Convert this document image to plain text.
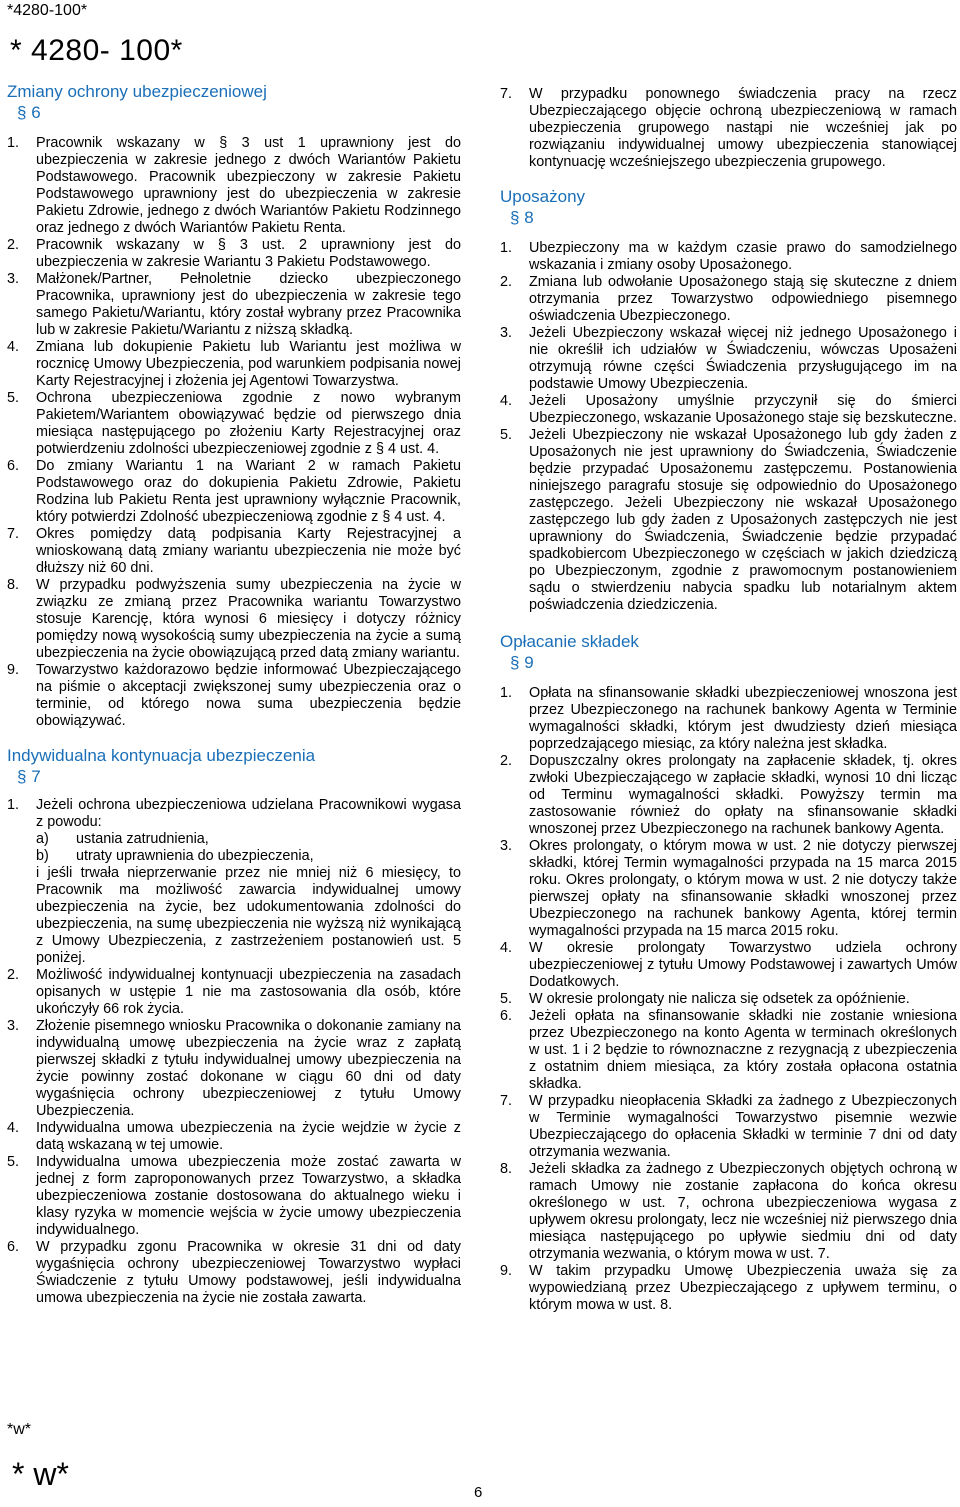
*4280-100*
* 4280- 100*
Zmiany ochrony ubezpieczeniowej
§ 6
1.	Pracownik wskazany w § 3 ust 1 uprawniony jest do ubezpieczenia w zakresie jednego z dwóch Wariantów Pakietu Podstawowego. Pracownik ubezpieczony w zakresie Pakietu Podstawowego uprawniony jest do ubezpieczenia w zakresie Pakietu Zdrowie, jednego z dwóch Wariantów Pakietu Rodzinnego oraz jednego z dwóch Wariantów Pakietu Renta.
2.	Pracownik wskazany w § 3 ust. 2 uprawniony jest do ubezpieczenia w zakresie Wariantu 3 Pakietu Podstawowego.
3.	Małżonek/Partner, Pełnoletnie dziecko ubezpieczonego Pracownika, uprawniony jest do ubezpieczenia w zakresie tego samego Pakietu/Wariantu, który został wybrany przez Pracownika lub w zakresie Pakietu/Wariantu z niższą składką.
4.	Zmiana lub dokupienie Pakietu lub Wariantu jest możliwa w rocznicę Umowy Ubezpieczenia, pod warunkiem podpisania nowej Karty Rejestracyjnej i złożenia jej Agentowi Towarzystwa.
5.	Ochrona ubezpieczeniowa zgodnie z nowo wybranym Pakietem/Wariantem obowiązywać będzie od pierwszego dnia miesiąca następującego po złożeniu Karty Rejestracyjnej oraz potwierdzeniu zdolności ubezpieczeniowej zgodnie z § 4 ust. 4.
6.	Do zmiany Wariantu 1 na Wariant 2 w ramach Pakietu Podstawowego oraz do dokupienia Pakietu Zdrowie, Pakietu Rodzina lub Pakietu Renta jest uprawniony wyłącznie Pracownik, który potwierdzi Zdolność ubezpieczeniową zgodnie z § 4 ust. 4.
7.	Okres pomiędzy datą podpisania Karty Rejestracyjnej a wnioskowaną datą zmiany wariantu ubezpieczenia nie może być dłuższy niż 60 dni.
8.	W przypadku podwyższenia sumy ubezpieczenia na życie w związku ze zmianą przez Pracownika wariantu Towarzystwo stosuje Karencję, która wynosi 6 miesięcy i dotyczy różnicy pomiędzy nową wysokością sumy ubezpieczenia na życie a sumą ubezpieczenia na życie obowiązującą przed datą zmiany wariantu.
9.	Towarzystwo każdorazowo będzie informować Ubezpieczającego na piśmie o akceptacji zwiększonej sumy ubezpieczenia oraz o terminie, od którego nowa suma ubezpieczenia będzie obowiązywać.
Indywidualna kontynuacja ubezpieczenia
§ 7
1.	Jeżeli ochrona ubezpieczeniowa udzielana Pracownikowi wygasa z powodu:
a)	ustania zatrudnienia,
b)	utraty uprawnienia do ubezpieczenia,
i jeśli trwała nieprzerwanie przez nie mniej niż 6 miesięcy, to Pracownik ma możliwość zawarcia indywidualnej umowy ubezpieczenia na życie, bez udokumentowania zdolności do ubezpieczenia, na sumę ubezpieczenia nie wyższą niż wynikającą z Umowy Ubezpieczenia, z zastrzeżeniem postanowień ust. 5 poniżej.
2.	Możliwość indywidualnej kontynuacji ubezpieczenia na zasadach opisanych w ustępie 1 nie ma zastosowania dla osób, które ukończyły 66 rok życia.
3.	Złożenie pisemnego wniosku Pracownika o dokonanie zamiany na indywidualną umowę ubezpieczenia na życie wraz z zapłatą pierwszej składki z tytułu indywidualnej umowy ubezpieczenia na życie powinny zostać dokonane w ciągu 60 dni od daty wygaśnięcia ochrony ubezpieczeniowej z tytułu Umowy Ubezpieczenia.
4.	Indywidualna umowa ubezpieczenia na życie wejdzie w życie z datą wskazaną w tej umowie.
5.	Indywidualna umowa ubezpieczenia może zostać zawarta w jednej z form zaproponowanych przez Towarzystwo, a składka ubezpieczeniowa zostanie dostosowana do aktualnego wieku i klasy ryzyka w momencie wejścia w życie umowy ubezpieczenia indywidualnego.
6.	W przypadku zgonu Pracownika w okresie 31 dni od daty wygaśnięcia ochrony ubezpieczeniowej Towarzystwo wypłaci Świadczenie z tytułu Umowy podstawowej, jeśli indywidualna umowa ubezpieczenia na życie nie została zawarta.
7.	W przypadku ponownego świadczenia pracy na rzecz Ubezpieczającego objęcie ochroną ubezpieczeniową w ramach ubezpieczenia grupowego nastąpi nie wcześniej jak po rozwiązaniu indywidualnej umowy ubezpieczenia stanowiącej kontynuację wcześniejszego ubezpieczenia grupowego.
Uposażony
§ 8
1.	Ubezpieczony ma w każdym czasie prawo do samodzielnego wskazania i zmiany osoby Uposażonego.
2.	Zmiana lub odwołanie Uposażonego stają się skuteczne z dniem otrzymania przez Towarzystwo odpowiedniego pisemnego oświadczenia Ubezpieczonego.
3.	Jeżeli Ubezpieczony wskazał więcej niż jednego Uposażonego i nie określił ich udziałów w Świadczeniu, wówczas Uposażeni otrzymują równe części Świadczenia przysługującego im na podstawie Umowy Ubezpieczenia.
4.	Jeżeli Uposażony umyślnie przyczynił się do śmierci Ubezpieczonego, wskazanie Uposażonego staje się bezskuteczne.
5.	Jeżeli Ubezpieczony nie wskazał Uposażonego lub gdy żaden z Uposażonych nie jest uprawniony do Świadczenia, Świadczenie będzie przypadać Uposażonemu zastępczemu. Postanowienia niniejszego paragrafu stosuje się odpowiednio do Uposażonego zastępczego. Jeżeli Ubezpieczony nie wskazał Uposażonego zastępczego lub gdy żaden z Uposażonych zastępczych nie jest uprawniony do Świadczenia, Świadczenie będzie przypadać spadkobiercom Ubezpieczonego w częściach w jakich dziedziczą po Ubezpieczonym, zgodnie z prawomocnym postanowieniem sądu o stwierdzeniu nabycia spadku lub notarialnym aktem poświadczenia dziedziczenia.
Opłacanie składek
§ 9
1.	Opłata na sfinansowanie składki ubezpieczeniowej wnoszona jest przez Ubezpieczonego na rachunek bankowy Agenta w Terminie wymagalności składki, którym jest dwudziesty dzień miesiąca poprzedzającego miesiąc, za który należna jest składka.
2.	Dopuszczalny okres prolongaty na zapłacenie składek, tj. okres zwłoki Ubezpieczającego w zapłacie składki, wynosi 10 dni licząc od Terminu wymagalności składki. Powyższy termin ma zastosowanie również do opłaty na sfinansowanie składki wnoszonej przez Ubezpieczonego na rachunek bankowy Agenta.
3.	Okres prolongaty, o którym mowa w ust. 2 nie dotyczy pierwszej składki, której Termin wymagalności przypada na 15 marca 2015 roku. Okres prolongaty, o którym mowa w ust. 2 nie dotyczy także pierwszej opłaty na sfinansowanie składki wnoszonej przez Ubezpieczonego na rachunek bankowy Agenta, której termin wymagalności przypada na 15 marca 2015 roku.
4.	W okresie prolongaty Towarzystwo udziela ochrony ubezpieczeniowej z tytułu Umowy Podstawowej i zawartych Umów Dodatkowych.
5.	W okresie prolongaty nie nalicza się odsetek za opóźnienie.
6.	Jeżeli opłata na sfinansowanie składki nie zostanie wniesiona przez Ubezpieczonego na konto Agenta w terminach określonych w ust. 1 i 2 będzie to równoznaczne z rezygnacją z ubezpieczenia z ostatnim dniem miesiąca, za który została opłacona ostatnia składka.
7.	W przypadku nieopłacenia Składki za żadnego z Ubezpieczonych w Terminie wymagalności Towarzystwo pisemnie wezwie Ubezpieczającego do opłacenia Składki w terminie 7 dni od daty otrzymania wezwania.
8.	Jeżeli składka za żadnego z Ubezpieczonych objętych ochroną w ramach Umowy nie zostanie zapłacona do końca okresu określonego w ust. 7, ochrona ubezpieczeniowa wygasa z upływem okresu prolongaty, lecz nie wcześniej niż pierwszego dnia miesiąca następującego po upływie siedmiu dni od daty otrzymania wezwania, o którym mowa w ust. 7.
9.	W takim przypadku Umowę Ubezpieczenia uważa się za wypowiedzianą przez Ubezpieczającego z upływem terminu, o którym mowa w ust. 8.
*w*
* w*
6
